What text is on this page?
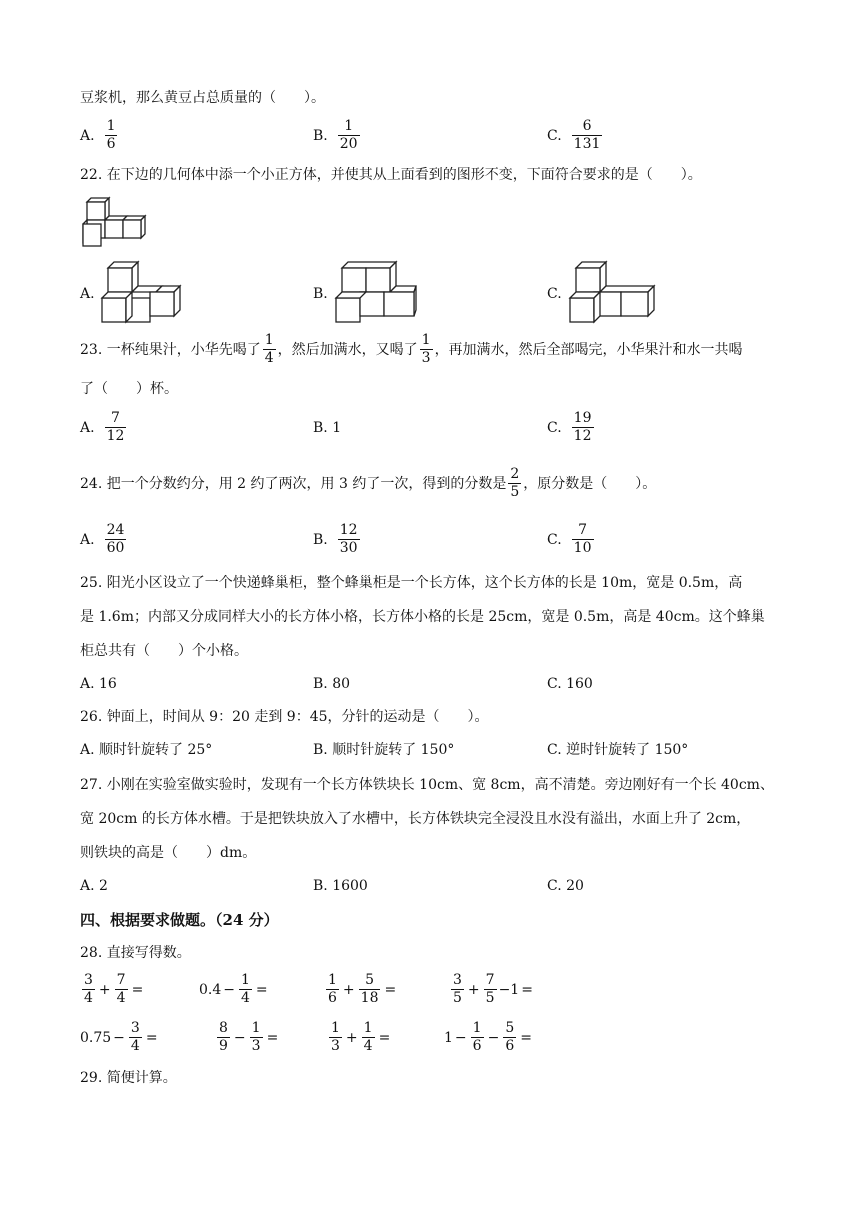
豆浆机，那么黄豆占总质量的（　　）。
A. $\frac{1}{6}$	B. $\frac{1}{20}$	C. $\frac{6}{131}$
22. 在下边的几何体中添一个小正方体，并使其从上面看到的图形不变，下面符合要求的是（　　）。
A.	B.	C.
23. 一杯纯果汁，小华先喝了 $\frac{1}{4}$ ，然后加满水，又喝了 $\frac{1}{3}$ ，再加满水，然后全部喝完，小华果汁和水一共喝
了（　　）杯。
A. $\frac{7}{12}$	B. 1	C. $\frac{19}{12}$
24. 把一个分数约分，用 2 约了两次，用 3 约了一次，得到的分数是 $\frac{2}{5}$ ，原分数是（　　）。
A. $\frac{24}{60}$	B. $\frac{12}{30}$	C. $\frac{7}{10}$
25. 阳光小区设立了一个快递蜂巢柜，整个蜂巢柜是一个长方体，这个长方体的长是 10m，宽是 0.5m，高
是 1.6m；内部又分成同样大小的长方体小格，长方体小格的长是 25cm，宽是 0.5m，高是 40cm。这个蜂巢
柜总共有（　　）个小格。
A. 16	B. 80	C. 160
26. 钟面上，时间从 9：20 走到 9：45，分针的运动是（　　）。
A. 顺时针旋转了 25°	B. 顺时针旋转了 150°	C. 逆时针旋转了 150°
27. 小刚在实验室做实验时，发现有一个长方体铁块长 10cm、宽 8cm，高不清楚。旁边刚好有一个长 40cm、
宽 20cm 的长方体水槽。于是把铁块放入了水槽中，长方体铁块完全浸没且水没有溢出，水面上升了 2cm，
则铁块的高是（　　）dm。
A. 2	B. 1600	C. 20
四、根据要求做题。（24 分）
28. 直接写得数。
$\frac{3}{4} + \frac{7}{4}$ =	$0.4 - \frac{1}{4}$ =	$\frac{1}{6} + \frac{5}{18}$ =	$\frac{3}{5} + \frac{7}{5} -1$ =
$0.75 - \frac{3}{4}$ =	$\frac{8}{9} - \frac{1}{3}$ =	$\frac{1}{3} + \frac{1}{4}$ =	$1 - \frac{1}{6} - \frac{5}{6}$ =
29. 简便计算。
